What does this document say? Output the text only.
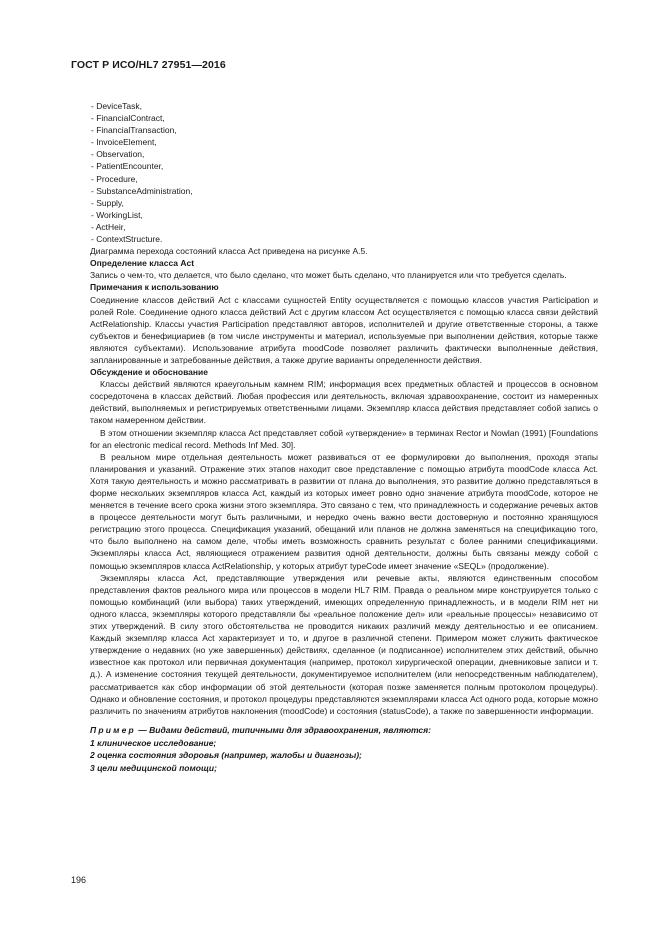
ГОСТ Р ИСО/HL7 27951—2016
- DeviceTask,
- FinancialContract,
- FinancialTransaction,
- InvoiceElement,
- Observation,
- PatientEncounter,
- Procedure,
- SubstanceAdministration,
- Supply,
- WorkingList,
- ActHeir,
- ContextStructure.

Диаграмма перехода состояний класса Act приведена на рисунке А.5.

Определение класса Act

Запись о чем-то, что делается, что было сделано, что может быть сделано, что планируется или что требуется сделать.

Примечания к использованию

Соединение классов действий Act с классами сущностей Entity осуществляется с помощью классов участия Participation и ролей Role. Соединение одного класса действий Act с другим классом Act осуществляется с помощью класса связи действий ActRelationship. Классы участия Participation представляют авторов, исполнителей и другие ответственные стороны, а также субъектов и бенефициариев (в том числе инструменты и материал, используемые при выполнении действия, которые также являются субъектами). Использование атрибута moodCode позволяет различить фактически выполненные действия, запланированные и затребованные действия, а также другие варианты определенности действия.

Обсуждение и обоснование

Классы действий являются краеугольным камнем RIM; информация всех предметных областей и процессов в основном сосредоточена в классах действий. Любая профессия или деятельность, включая здравоохранение, состоит из намеренных действий, выполняемых и регистрируемых ответственными лицами. Экземпляр класса действия представляет собой запись о таком намеренном действии.

В этом отношении экземпляр класса Act представляет собой «утверждение» в терминах Rector и Nowlan (1991) [Foundations for an electronic medical record. Methods Inf Med. 30].

В реальном мире отдельная деятельность может развиваться от ее формулировки до выполнения, проходя этапы планирования и указаний. Отражение этих этапов находит свое представление с помощью атрибута moodCode класса Act. Хотя такую деятельность и можно рассматривать в развитии от плана до выполнения, это развитие должно представляться в форме нескольких экземпляров класса Act, каждый из которых имеет ровно одно значение атрибута moodCode, которое не меняется в течение всего срока жизни этого экземпляра. Это связано с тем, что принадлежность и содержание речевых актов в процессе деятельности могут быть различными, и нередко очень важно вести достоверную и постоянно хранящуюся регистрацию этого процесса. Спецификация указаний, обещаний или планов не должна заменяться на спецификацию того, что было выполнено на самом деле, чтобы иметь возможность сравнить результат с более ранними спецификациями. Экземпляры класса Act, являющиеся отражением развития одной деятельности, должны быть связаны между собой с помощью экземпляров класса ActRelationship, у которых атрибут typeCode имеет значение «SEQL» (продолжение).

Экземпляры класса Act, представляющие утверждения или речевые акты, являются единственным способом представления фактов реального мира или процессов в модели HL7 RIM. Правда о реальном мире конструируется только с помощью комбинаций (или выбора) таких утверждений, имеющих определенную принадлежность, и в модели RIM нет ни одного класса, экземпляры которого представляли бы «реальное положение дел» или «реальные процессы» независимо от этих утверждений. В силу этого обстоятельства не проводится никаких различий между деятельностью и ее описанием. Каждый экземпляр класса Act характеризует и то, и другое в различной степени. Примером может служить фактическое утверждение о недавних (но уже завершенных) действиях, сделанное (и подписанное) исполнителем этих действий, обычно известное как протокол или первичная документация (например, протокол хирургической операции, дневниковые записи и т. д.). А изменение состояния текущей деятельности, документируемое исполнителем (или непосредственным наблюдателем), рассматривается как сбор информации об этой деятельности (которая позже заменяется полным протоколом процедуры). Однако и обновление состояния, и протокол процедуры представляются экземплярами класса Act одного рода, которые можно различить по значениям атрибутов наклонения (moodCode) и состояния (statusCode), а также по завершенности информации.

Пример — Видами действий, типичными для здравоохранения, являются:

1 клиническое исследование;

2 оценка состояния здоровья (например, жалобы и диагнозы);

3 цели медицинской помощи;

196
